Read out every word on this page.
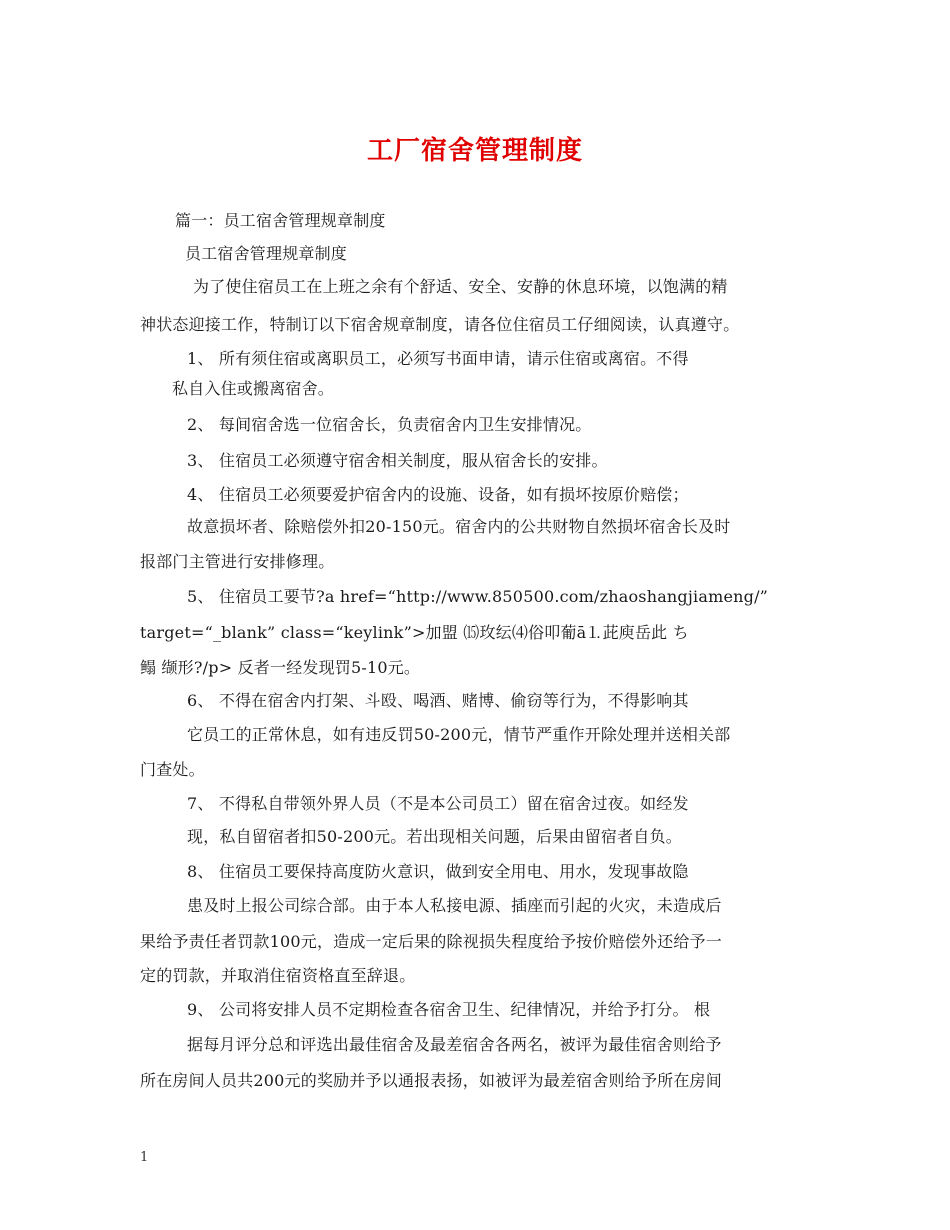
工厂宿舍管理制度
篇一：员工宿舍管理规章制度
员工宿舍管理规章制度
为了使住宿员工在上班之余有个舒适、安全、安静的休息环境，以饱满的精
神状态迎接工作，特制订以下宿舍规章制度，请各位住宿员工仔细阅读，认真遵守。
1、 所有须住宿或离职员工，必须写书面申请，请示住宿或离宿。不得
私自入住或搬离宿舍。
2、 每间宿舍选一位宿舍长，负责宿舍内卫生安排情况。
3、 住宿员工必须遵守宿舍相关制度，服从宿舍长的安排。
4、 住宿员工必须要爱护宿舍内的设施、设备，如有损坏按原价赔偿；
故意损坏者、除赔偿外扣20-150元。宿舍内的公共财物自然损坏宿舍长及时
报部门主管进行安排修理。
5、 住宿员工要节?a href=“http://www.850500.com/zhaoshangjiameng/”
target=“_blank” class=“keylink”>加盟 ⒂玫纭⑷俗叩葡ā⒈茈庾岳此 ち
鳎 缬形?/p> 反者一经发现罚5-10元。
6、 不得在宿舍内打架、斗殴、喝酒、赌博、偷窃等行为，不得影响其
它员工的正常休息，如有违反罚50-200元，情节严重作开除处理并送相关部
门查处。
7、 不得私自带领外界人员（不是本公司员工）留在宿舍过夜。如经发
现，私自留宿者扣50-200元。若出现相关问题，后果由留宿者自负。
8、 住宿员工要保持高度防火意识，做到安全用电、用水，发现事故隐
患及时上报公司综合部。由于本人私接电源、插座而引起的火灾，未造成后
果给予责任者罚款100元，造成一定后果的除视损失程度给予按价赔偿外还给予一
定的罚款，并取消住宿资格直至辞退。
9、 公司将安排人员不定期检查各宿舍卫生、纪律情况，并给予打分。 根
据每月评分总和评选出最佳宿舍及最差宿舍各两名，被评为最佳宿舍则给予
所在房间人员共200元的奖励并予以通报表扬，如被评为最差宿舍则给予所在房间
1
